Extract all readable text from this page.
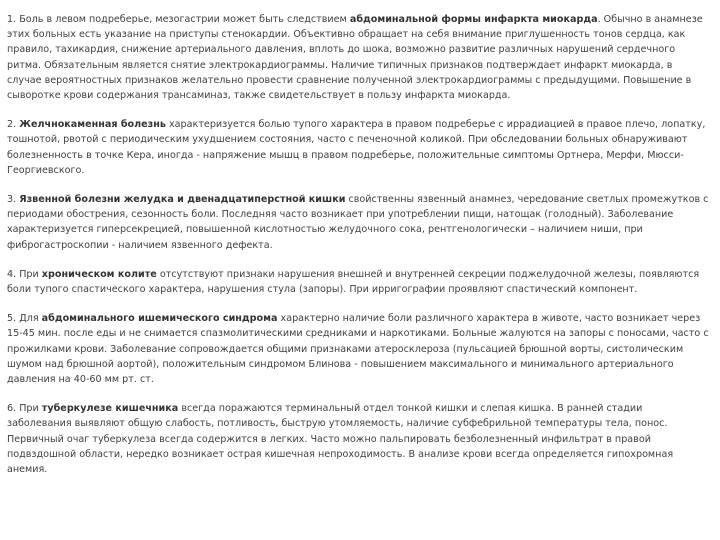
1. Боль в левом подреберье, мезогастрии может быть следствием абдоминальной формы инфаркта миокарда. Обычно в анамнезе этих больных есть указание на приступы стенокардии. Объективно обращает на себя внимание приглушенность тонов сердца, как правило, тахикардия, снижение артериального давления, вплоть до шока, возможно развитие различных нарушений сердечного ритма. Обязательным является снятие электрокардиограммы. Наличие типичных признаков подтверждает инфаркт миокарда, в случае вероятностных признаков желательно провести сравнение полученной электрокардиограммы с предыдущими. Повышение в сыворотке крови содержания трансаминаз, также свидетельствует в пользу инфаркта миокарда.

2. Желчнокаменная болезнь характеризуется болью тупого характера в правом подреберье с иррадиацией в правое плечо, лопатку, тошнотой, рвотой с периодическим ухудшением состояния, часто с печеночной коликой. При обследовании больных обнаруживают болезненность в точке Кера, иногда - напряжение мышц в правом подреберье, положительные симптомы Ортнера, Мерфи, Мюсси-Георгиевского.

3. Язвенной болезни желудка и двенадцатиперстной кишки свойственны язвенный анамнез, чередование светлых промежутков с периодами обострения, сезонность боли. Последняя часто возникает при употреблении пищи, натощак (голодный). Заболевание характеризуется гиперсекрецией, повышенной кислотностью желудочного сока, рентгенологически – наличием ниши, при фиброгастроскопии - наличием язвенного дефекта.

4. При хроническом колите отсутствуют признаки нарушения внешней и внутренней секреции поджелудочной железы, появляются боли тупого спастического характера, нарушения стула (запоры). При ирригографии проявляют спастический компонент.

5. Для абдоминального ишемического синдрома характерно наличие боли различного характера в животе, часто возникает через 15-45 мин. после еды и не снимается спазмолитическими средниками и наркотиками. Больные жалуются на запоры с поносами, часто с прожилками крови. Заболевание сопровождается общими признаками атеросклероза (пульсацией брюшной ворты, систолическим шумом над брюшной аортой), положительным синдромом Блинова - повышением максимального и минимального артериального давления на 40-60 мм рт. ст.

6. При туберкулезе кишечника всегда поражаются терминальный отдел тонкой кишки и слепая кишка. В ранней стадии заболевания выявляют общую слабость, потливость, быструю утомляемость, наличие субфебрильной температуры тела, понос. Первичный очаг туберкулеза всегда содержится в легких. Часто можно пальпировать безболезненный инфильтрат в правой подвздошной области, нередко возникает острая кишечная непроходимость. В анализе крови всегда определяется гипохромная анемия.
